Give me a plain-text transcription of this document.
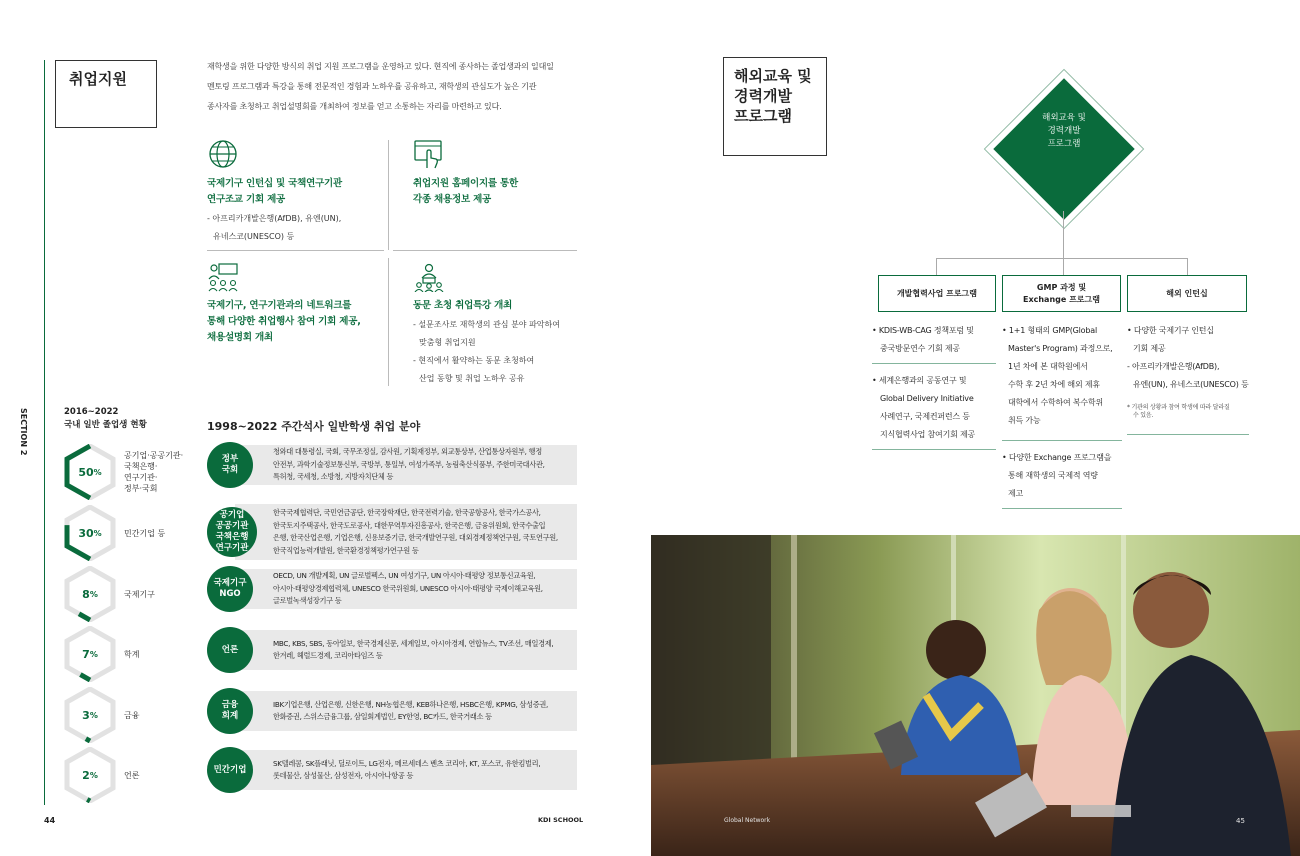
취업지원
재학생을 위한 다양한 방식의 취업 지원 프로그램을 운영하고 있다. 현직에 종사하는 졸업생과의 일대일
멘토링 프로그램과 특강을 통해 전문적인 경험과 노하우를 공유하고, 재학생의 관심도가 높은 기관
종사자를 초청하고 취업설명회를 개최하여 정보를 얻고 소통하는 자리를 마련하고 있다.
국제기구 인턴십 및 국책연구기관
연구조교 기회 제공
- 아프리카개발은행(AfDB), 유엔(UN),
유네스코(UNESCO) 등
취업지원 홈페이지를 통한
각종 채용정보 제공
국제기구, 연구기관과의 네트워크를
통해 다양한 취업행사 참여 기회 제공,
채용설명회 개최
동문 초청 취업특강 개최
- 설문조사로 재학생의 관심 분야 파악하여
맞춤형 취업지원
- 현직에서 활약하는 동문 초청하여
산업 동향 및 취업 노하우 공유
SECTION 2	2016~2022
국내 일반 졸업생 현황
50 %
공기업·공공기관·
국책은행·
연구기관·
정부·국회
30 %	민간기업 등
8 %	국제기구
7 %	학계
3 %	금융
2 %	언론
1998~2022 주간석사 일반학생 취업 분야
정부
국회
청와대 대통령실, 국회, 국무조정실, 감사원, 기획재정부, 외교통상부, 산업통상자원부, 행정
안전부, 과학기술정보통신부, 국방부, 통일부, 여성가족부, 농림축산식품부, 주한미국대사관,
특허청, 국세청, 소방청, 지방자치단체 등
공기업
공공기관
국책은행
연구기관
한국국제협력단, 국민연금공단, 한국장학재단, 한국전력기술, 한국공항공사, 한국가스공사,
한국토지주택공사, 한국도로공사, 대한무역투자진흥공사, 한국은행, 금융위원회, 한국수출입
은행, 한국산업은행, 기업은행, 신용보증기금, 한국개발연구원, 대외경제정책연구원, 국토연구원,
한국직업능력개발원, 한국환경정책평가연구원 등
국제기구
NGO
OECD, UN 개발계획, UN 글로벌펙스, UN 여성기구, UN 아시아·태평양 정보통신교육원,
아시아·태평양경제협력체, UNESCO 한국위원회, UNESCO 아시아·태평양 국제이해교육원,
글로벌녹색성장기구 등
언론
MBC, KBS, SBS, 동아일보, 한국경제신문, 세계일보, 아시아경제, 연합뉴스, TV조선, 매일경제,
한겨레, 헤럴드경제, 코리아타임즈 등
금융
회계
IBK기업은행, 산업은행, 신한은행, NH농협은행, KEB하나은행, HSBC은행, KPMG, 삼성증권,
한화증권, 스위스금융그룹, 삼일회계법인, EY한영, BC카드, 한국거래소 등
민간기업
SK텔레콤, SK플래닛, 딜로이트, LG전자, 메르세데스 벤츠 코리아, KT, 포스코, 유한킴벌리,
롯데물산, 삼성물산, 삼성전자, 아시아나항공 등
44	KDI SCHOOL
해외교육 및
경력개발
프로그램	해외교육 및
경력개발
프로그램
개발협력사업 프로그램
GMP 과정 및
Exchange 프로그램
해외 인턴십
• KDIS-WB-CAG 정책포럼 및
중국방문연수 기회 제공
• 세계은행과의 공동연구 및
Global Delivery Initiative
사례연구, 국제컨퍼런스 등
지식협력사업 참여기회 제공
• 1+1 형태의 GMP(Global
Master's Program) 과정으로,
1년 차에 본 대학원에서
수학 후 2년 차에 해외 제휴
대학에서 수학하여 복수학위
취득 가능
• 다양한 Exchange 프로그램을
통해 재학생의 국제적 역량
제고
• 다양한 국제기구 인턴십
기회 제공
- 아프리카개발은행(AfDB),
유엔(UN), 유네스코(UNESCO) 등
* 기관의 상황과 참여 학생에 따라 달라질
수 있음.
Global Network	45
